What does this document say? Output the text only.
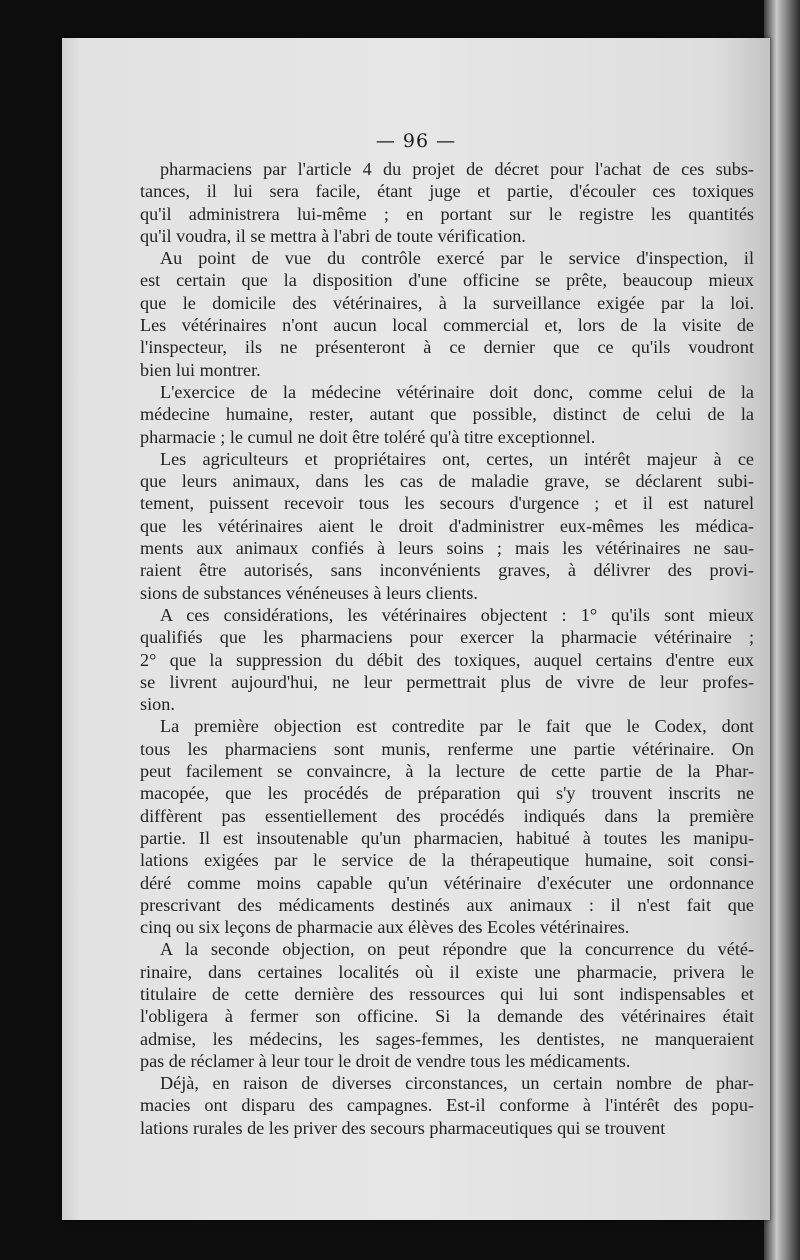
— 96 —
pharmaciens par l'article 4 du projet de décret pour l'achat de ces subs-
tances, il lui sera facile, étant juge et partie, d'écouler ces toxiques
qu'il administrera lui-même ; en portant sur le registre les quantités
qu'il voudra, il se mettra à l'abri de toute vérification.
Au point de vue du contrôle exercé par le service d'inspection, il
est certain que la disposition d'une officine se prête, beaucoup mieux
que le domicile des vétérinaires, à la surveillance exigée par la loi.
Les vétérinaires n'ont aucun local commercial et, lors de la visite de
l'inspecteur, ils ne présenteront à ce dernier que ce qu'ils voudront
bien lui montrer.
L'exercice de la médecine vétérinaire doit donc, comme celui de la
médecine humaine, rester, autant que possible, distinct de celui de la
pharmacie ; le cumul ne doit être toléré qu'à titre exceptionnel.
Les agriculteurs et propriétaires ont, certes, un intérêt majeur à ce
que leurs animaux, dans les cas de maladie grave, se déclarent subi-
tement, puissent recevoir tous les secours d'urgence ; et il est naturel
que les vétérinaires aient le droit d'administrer eux-mêmes les médica-
ments aux animaux confiés à leurs soins ; mais les vétérinaires ne sau-
raient être autorisés, sans inconvénients graves, à délivrer des provi-
sions de substances vénéneuses à leurs clients.
A ces considérations, les vétérinaires objectent : 1° qu'ils sont mieux
qualifiés que les pharmaciens pour exercer la pharmacie vétérinaire ;
2° que la suppression du débit des toxiques, auquel certains d'entre eux
se livrent aujourd'hui, ne leur permettrait plus de vivre de leur profes-
sion.
La première objection est contredite par le fait que le Codex, dont
tous les pharmaciens sont munis, renferme une partie vétérinaire. On
peut facilement se convaincre, à la lecture de cette partie de la Phar-
macopée, que les procédés de préparation qui s'y trouvent inscrits ne
diffèrent pas essentiellement des procédés indiqués dans la première
partie. Il est insoutenable qu'un pharmacien, habitué à toutes les manipu-
lations exigées par le service de la thérapeutique humaine, soit consi-
déré comme moins capable qu'un vétérinaire d'exécuter une ordonnance
prescrivant des médicaments destinés aux animaux : il n'est fait que
cinq ou six leçons de pharmacie aux élèves des Ecoles vétérinaires.
A la seconde objection, on peut répondre que la concurrence du vété-
rinaire, dans certaines localités où il existe une pharmacie, privera le
titulaire de cette dernière des ressources qui lui sont indispensables et
l'obligera à fermer son officine. Si la demande des vétérinaires était
admise, les médecins, les sages-femmes, les dentistes, ne manqueraient
pas de réclamer à leur tour le droit de vendre tous les médicaments.
Déjà, en raison de diverses circonstances, un certain nombre de phar-
macies ont disparu des campagnes. Est-il conforme à l'intérêt des popu-
lations rurales de les priver des secours pharmaceutiques qui se trouvent
